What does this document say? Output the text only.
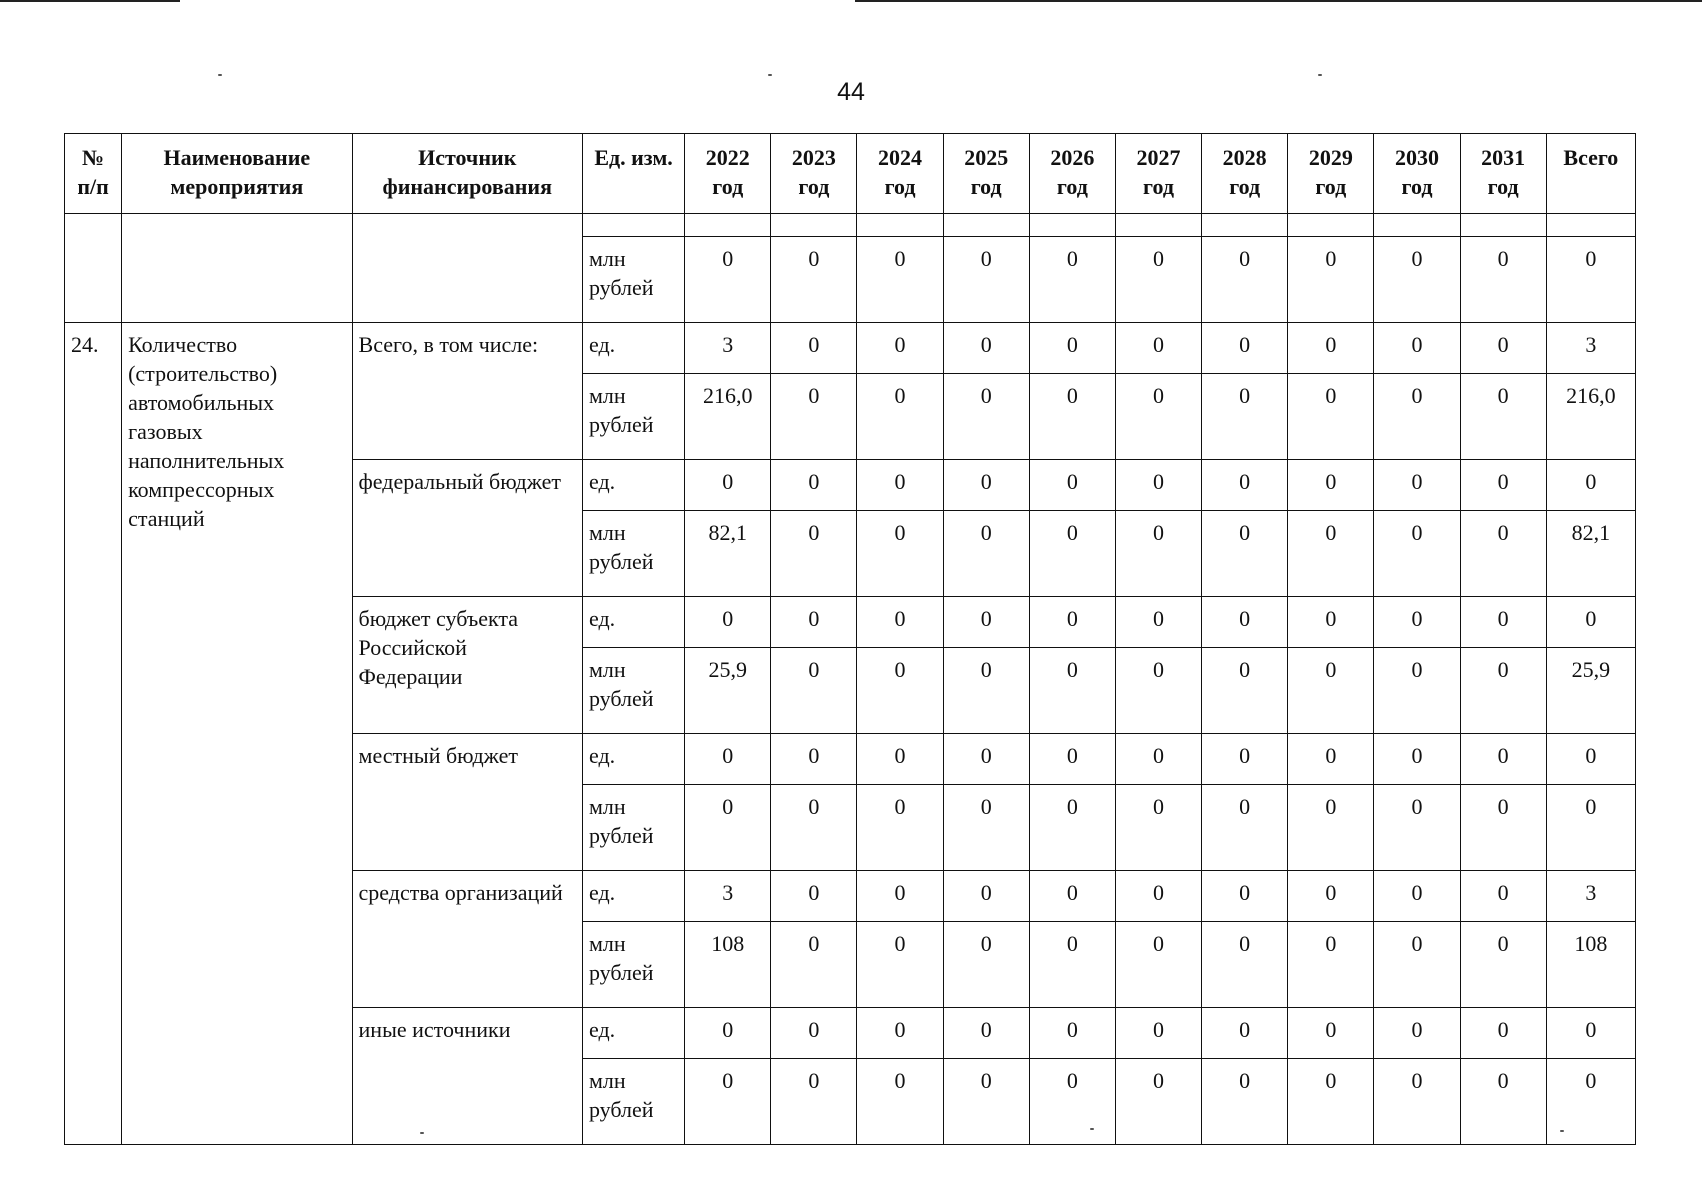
44
№ п/п	Наименование мероприятия	Источник финансирования	Ед. изм.	2022 год	2023 год	2024 год	2025 год	2026 год	2027 год	2028 год	2029 год	2030 год	2031 год	Всего

			млн рублей	0	0	0	0	0	0	0	0	0	0	0
24.	Количество (строительство) автомобильных газовых наполнительных компрессорных станций	Всего, в том числе:	ед.	3	0	0	0	0	0	0	0	0	0	3
			млн рублей	216,0	0	0	0	0	0	0	0	0	0	216,0
		федеральный бюджет	ед.	0	0	0	0	0	0	0	0	0	0	0
			млн рублей	82,1	0	0	0	0	0	0	0	0	0	82,1
		бюджет субъекта Российской Федерации	ед.	0	0	0	0	0	0	0	0	0	0	0
			млн рублей	25,9	0	0	0	0	0	0	0	0	0	25,9
		местный бюджет	ед.	0	0	0	0	0	0	0	0	0	0	0
			млн рублей	0	0	0	0	0	0	0	0	0	0	0
		средства организаций	ед.	3	0	0	0	0	0	0	0	0	0	3
			млн рублей	108	0	0	0	0	0	0	0	0	0	108
		иные источники	ед.	0	0	0	0	0	0	0	0	0	0	0
			млн рублей	0	0	0	0	0	0	0	0	0	0	0
